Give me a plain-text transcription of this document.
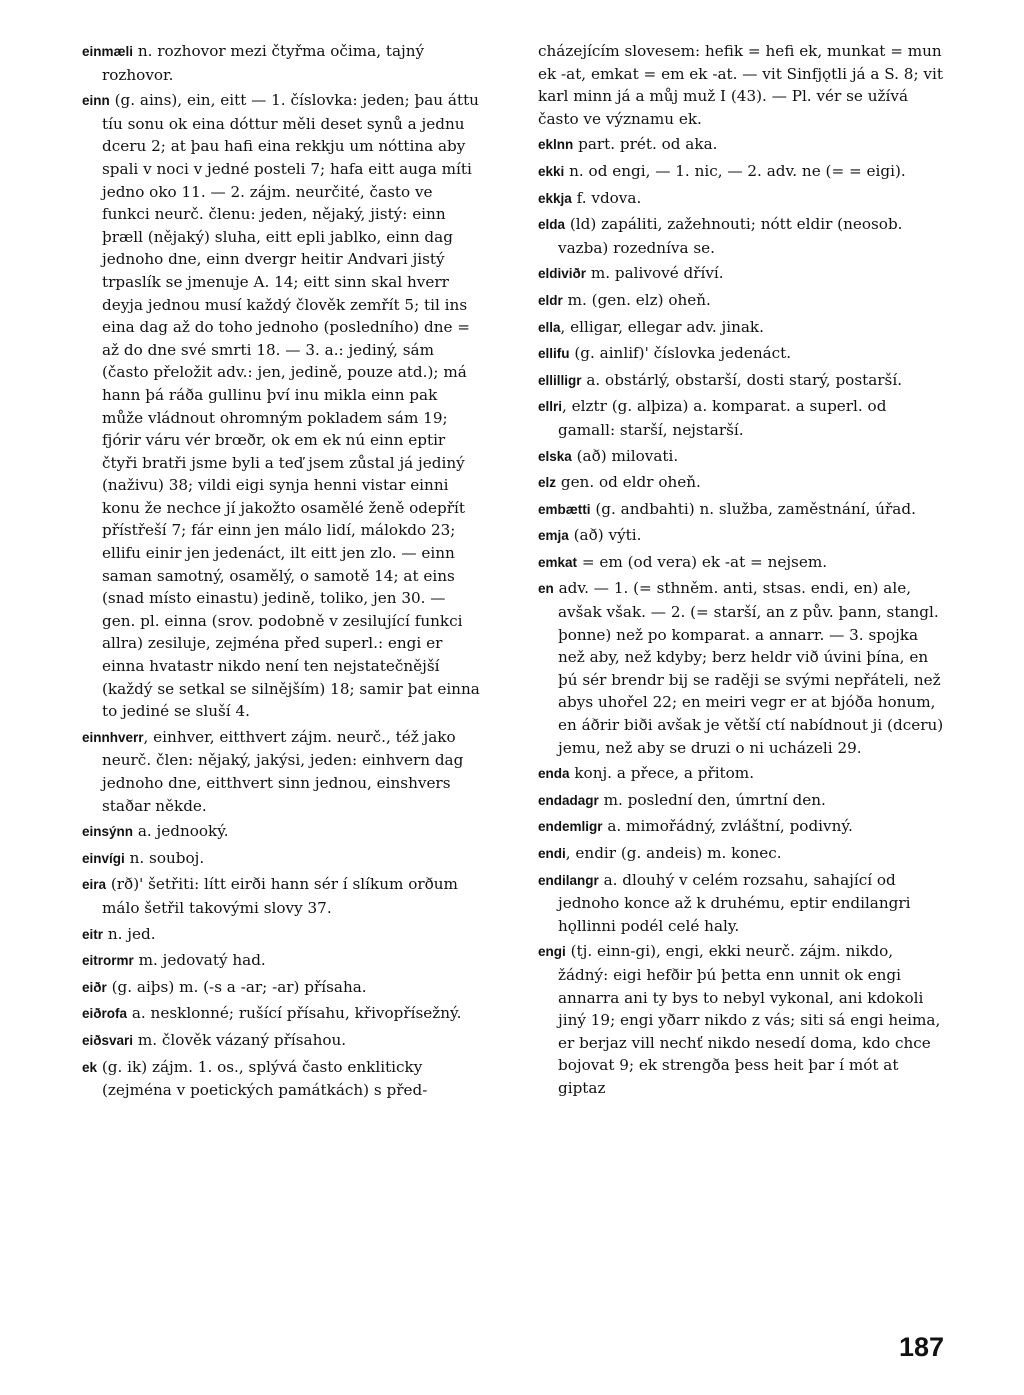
einmæli n. rozhovor mezi čtyřma očima, tajný rozhovor.
einn (g. ains), ein, eitt — 1. číslovka: jeden; þau áttu tíu sonu ok eina dóttur měli deset synů a jednu dceru 2; at þau hafi eina rekkju um nóttina aby spali v noci v jedné posteli 7; hafa eitt auga míti jedno oko 11. — 2. zájm. neurčité, často ve funkci neurč. členu: jeden, nějaký, jistý: einn þræll (nějaký) sluha, eitt epli jablko, einn dag jednoho dne, einn dvergr heitir Andvari jistý trpaslík se jmenuje A. 14; eitt sinn skal hverr deyja jednou musí každý člověk zemřít 5; til ins eina dag až do toho jednoho (posledního) dne = až do dne své smrti 18. — 3. a.: jediný, sám (často přeložit adv.: jen, jedině, pouze atd.); má hann þá ráða gullinu því inu mikla einn pak může vládnout ohromným pokladem sám 19; fjórir váru vér brœðr, ok em ek nú einn eptir čtyři bratři jsme byli a teď jsem zůstal já jediný (naživu) 38; vildi eigi synja henni vistar einni konu že nechce jí jakožto osamělé ženě odepřít přístřeší 7; fár einn jen málo lidí, málokdo 23; ellifu einir jen jedenáct, ilt eitt jen zlo. — einn saman samotný, osamělý, o samotě 14; at eins (snad místo einastu) jedině, toliko, jen 30. — gen. pl. einna (srov. podobně v zesilující funkci allra) zesiluje, zejména před superl.: engi er einna hvatastr nikdo není ten nejstatečnější (každý se setkal se silnějším) 18; samir þat einna to jediné se sluší 4.
einnhverr, einhver, eitthvert zájm. neurč., též jako neurč. člen: nějaký, jakýsi, jeden: einhvern dag jednoho dne, eitthvert sinn jednou, einshvers staðar někde.
einsýnn a. jednooký.
einvígi n. souboj.
eira (rð)' šetřiti: lítt eirði hann sér í slíkum orðum málo šetřil takovými slovy 37.
eitr n. jed.
eitrormr m. jedovatý had.
eiðr (g. aiþs) m. (-s a -ar; -ar) přísaha.
eiðrofa a. nesklonné; rušící přísahu, křivopřísežný.
eiðsvari m. člověk vázaný přísahou.
ek (g. ik) zájm. 1. os., splývá často enkliticky (zejména v poetických památkách) s před-
cházejícím slovesem: hefik = hefi ek, munkat = mun ek -at, emkat = em ek -at. — vit Sinfjǫtli já a S. 8; vit karl minn já a můj muž I (43). — Pl. vér se užívá často ve významu ek.
eklnn part. prét. od aka.
ekki n. od engi, — 1. nic, — 2. adv. ne (= = eigi).
ekkja f. vdova.
elda (ld) zapáliti, zažehnouti; nótt eldir (neosob. vazba) rozedníva se.
eldiviðr m. palivové dříví.
eldr m. (gen. elz) oheň.
ella, elligar, ellegar adv. jinak.
ellifu (g. ainlif)' číslovka jedenáct.
ellilligr a. obstárlý, obstarší, dosti starý, postarší.
ellri, elztr (g. alþiza) a. komparat. a superl. od gamall: starší, nejstarší.
elska (að) milovati.
elz gen. od eldr oheň.
embætti (g. andbahti) n. služba, zaměstnání, úřad.
emja (að) výti.
emkat = em (od vera) ek -at = nejsem.
en adv. — 1. (= sthněm. anti, stsas. endi, en) ale, avšak však. — 2. (= starší, an z pův. þann, stangl. þonne) než po komparat. a annarr. — 3. spojka než aby, než kdyby; berz heldr við úvini þína, en þú sér brendr bij se raději se svými nepřáteli, než abys uhořel 22; en meiri vegr er at bjóða honum, en áðrir biði avšak je větší ctí nabídnout ji (dceru) jemu, než aby se druzi o ni ucházeli 29.
enda konj. a přece, a přitom.
endadagr m. poslední den, úmrtní den.
endemligr a. mimořádný, zvláštní, podivný.
endi, endir (g. andeis) m. konec.
endilangr a. dlouhý v celém rozsahu, sahající od jednoho konce až k druhému, eptir endilangri hǫllinni podél celé haly.
engi (tj. einn-gi), engi, ekki neurč. zájm. nikdo, žádný: eigi hefðir þú þetta enn unnit ok engi annarra ani ty bys to nebyl vykonal, ani kdokoli jiný 19; engi yðarr nikdo z vás; siti sá engi heima, er berjaz vill nechť nikdo nesedí doma, kdo chce bojovat 9; ek strengða þess heit þar í mót at giptaz
187
